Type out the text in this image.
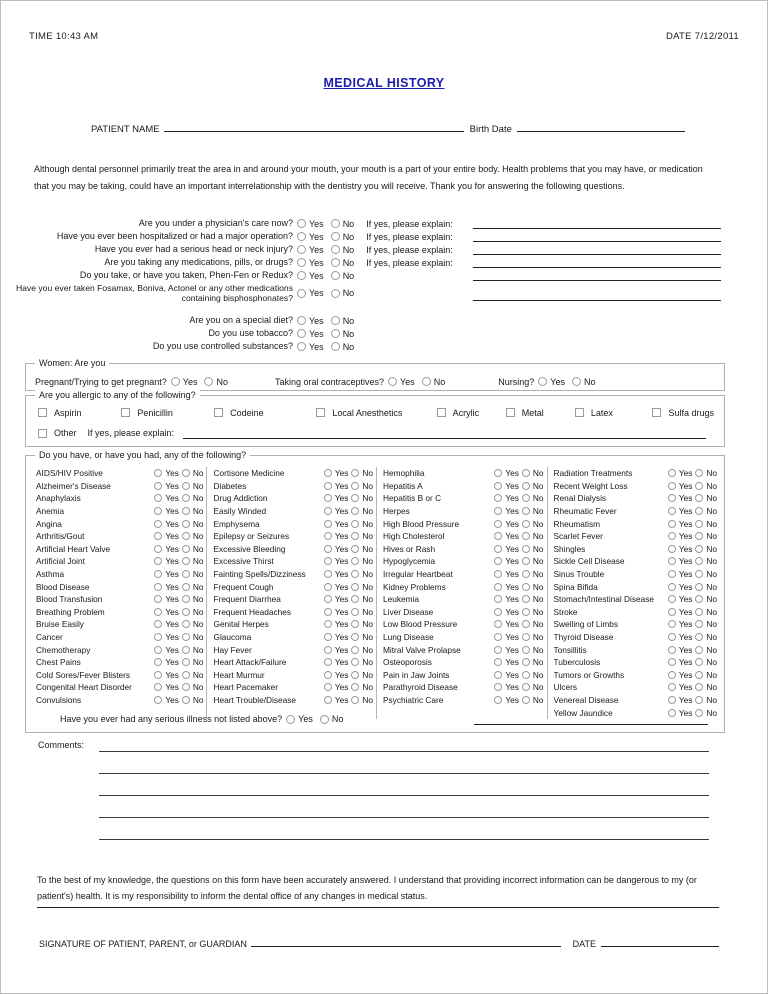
TIME 10:43 AM	DATE 7/12/2011
MEDICAL HISTORY
PATIENT NAME	Birth Date
Although dental personnel primarily treat the area in and around your mouth, your mouth is a part of your entire body. Health problems that you may have, or medication that you may be taking, could have an important interrelationship with the dentistry you will receive. Thank you for answering the following questions.
Are you under a physician's care now?	Yes	No	If yes, please explain:
Have you ever been hospitalized or had a major operation?	Yes	No	If yes, please explain:
Have you ever had a serious head or neck injury?	Yes	No	If yes, please explain:
Are you taking any medications, pills, or drugs?	Yes	No	If yes, please explain:
Do you take, or have you taken, Phen-Fen or Redux?	Yes	No
Have you ever taken Fosamax, Boniva, Actonel or any other medications containing bisphosphonates?	Yes	No
Are you on a special diet?	Yes	No
Do you use tobacco?	Yes	No
Do you use controlled substances?	Yes	No
Women: Are you
Pregnant/Trying to get pregnant?	Yes	No	Taking oral contraceptives?	Yes	No	Nursing?	Yes	No
Are you allergic to any of the following?
Aspirin	Penicillin	Codeine	Local Anesthetics	Acrylic	Metal	Latex	Sulfa drugs
Other If yes, please explain:
Do you have, or have you had, any of the following?
AIDS/HIV Positive	Yes	No
Alzheimer's Disease	Yes	No
Anaphylaxis	Yes	No
Anemia	Yes	No
Angina	Yes	No
Arthritis/Gout	Yes	No
Artificial Heart Valve	Yes	No
Artificial Joint	Yes	No
Asthma	Yes	No
Blood Disease	Yes	No
Blood Transfusion	Yes	No
Breathing Problem	Yes	No
Bruise Easily	Yes	No
Cancer	Yes	No
Chemotherapy	Yes	No
Chest Pains	Yes	No
Cold Sores/Fever Blisters	Yes	No
Congenital Heart Disorder	Yes	No
Convulsions	Yes	No
Cortisone Medicine	Yes	No
Diabetes	Yes	No
Drug Addiction	Yes	No
Easily Winded	Yes	No
Emphysema	Yes	No
Epilepsy or Seizures	Yes	No
Excessive Bleeding	Yes	No
Excessive Thirst	Yes	No
Fainting Spells/Dizziness	Yes	No
Frequent Cough	Yes	No
Frequent Diarrhea	Yes	No
Frequent Headaches	Yes	No
Genital Herpes	Yes	No
Glaucoma	Yes	No
Hay Fever	Yes	No
Heart Attack/Failure	Yes	No
Heart Murmur	Yes	No
Heart Pacemaker	Yes	No
Heart Trouble/Disease	Yes	No
Hemophilia	Yes	No
Hepatitis A	Yes	No
Hepatitis B or C	Yes	No
Herpes	Yes	No
High Blood Pressure	Yes	No
High Cholesterol	Yes	No
Hives or Rash	Yes	No
Hypoglycemia	Yes	No
Irregular Heartbeat	Yes	No
Kidney Problems	Yes	No
Leukemia	Yes	No
Liver Disease	Yes	No
Low Blood Pressure	Yes	No
Lung Disease	Yes	No
Mitral Valve Prolapse	Yes	No
Osteoporosis	Yes	No
Pain in Jaw Joints	Yes	No
Parathyroid Disease	Yes	No
Psychiatric Care	Yes	No
Radiation Treatments	Yes	No
Recent Weight Loss	Yes	No
Renal Dialysis	Yes	No
Rheumatic Fever	Yes	No
Rheumatism	Yes	No
Scarlet Fever	Yes	No
Shingles	Yes	No
Sickle Cell Disease	Yes	No
Sinus Trouble	Yes	No
Spina Bifida	Yes	No
Stomach/Intestinal Disease	Yes	No
Stroke	Yes	No
Swelling of Limbs	Yes	No
Thyroid Disease	Yes	No
Tonsillitis	Yes	No
Tuberculosis	Yes	No
Tumors or Growths	Yes	No
Ulcers	Yes	No
Venereal Disease	Yes	No
Yellow Jaundice	Yes	No
Have you ever had any serious illness not listed above?	Yes	No
Comments:
To the best of my knowledge, the questions on this form have been accurately answered. I understand that providing incorrect information can be dangerous to my (or patient's) health. It is my responsibility to inform the dental office of any changes in medical status.
SIGNATURE OF PATIENT, PARENT, or GUARDIAN	DATE
